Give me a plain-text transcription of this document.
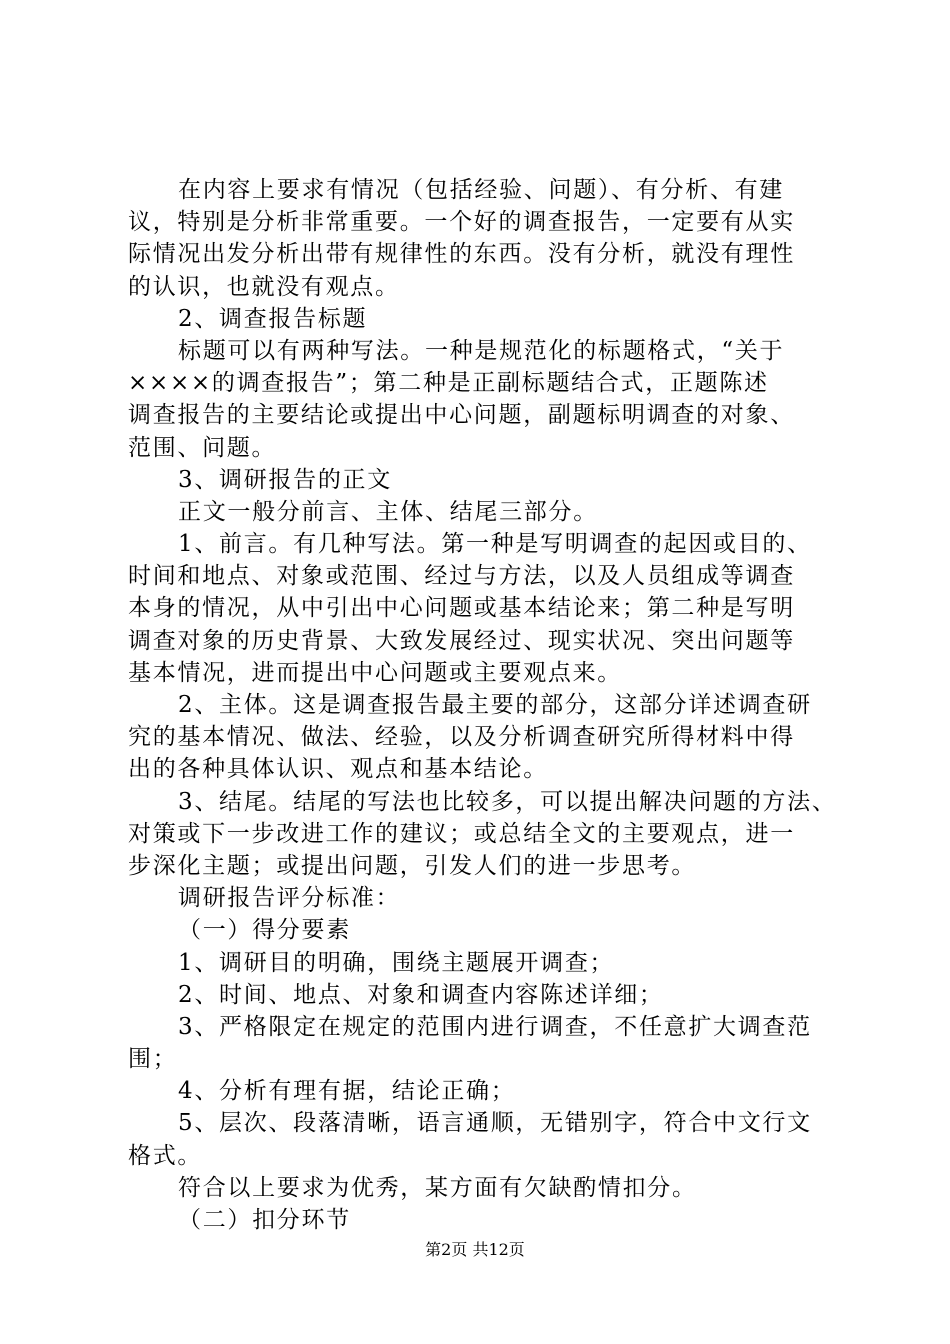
在内容上要求有情况（包括经验、问题）、有分析、有建
议，特别是分析非常重要。一个好的调查报告，一定要有从实
际情况出发分析出带有规律性的东西。没有分析，就没有理性
的认识，也就没有观点。
2、调查报告标题
标题可以有两种写法。一种是规范化的标题格式，“关于
××××的调查报告”；第二种是正副标题结合式，正题陈述
调查报告的主要结论或提出中心问题，副题标明调查的对象、
范围、问题。
3、调研报告的正文
正文一般分前言、主体、结尾三部分。
1、前言。有几种写法。第一种是写明调查的起因或目的、
时间和地点、对象或范围、经过与方法，以及人员组成等调查
本身的情况，从中引出中心问题或基本结论来；第二种是写明
调查对象的历史背景、大致发展经过、现实状况、突出问题等
基本情况，进而提出中心问题或主要观点来。
2、主体。这是调查报告最主要的部分，这部分详述调查研
究的基本情况、做法、经验，以及分析调查研究所得材料中得
出的各种具体认识、观点和基本结论。
3、结尾。结尾的写法也比较多，可以提出解决问题的方法、
对策或下一步改进工作的建议；或总结全文的主要观点，进一
步深化主题；或提出问题，引发人们的进一步思考。
调研报告评分标准：
（一）得分要素
1、调研目的明确，围绕主题展开调查；
2、时间、地点、对象和调查内容陈述详细；
3、严格限定在规定的范围内进行调查，不任意扩大调查范
围；
4、分析有理有据，结论正确；
5、层次、段落清晰，语言通顺，无错别字，符合中文行文
格式。
符合以上要求为优秀，某方面有欠缺酌情扣分。
（二）扣分环节
第2页 共12页
